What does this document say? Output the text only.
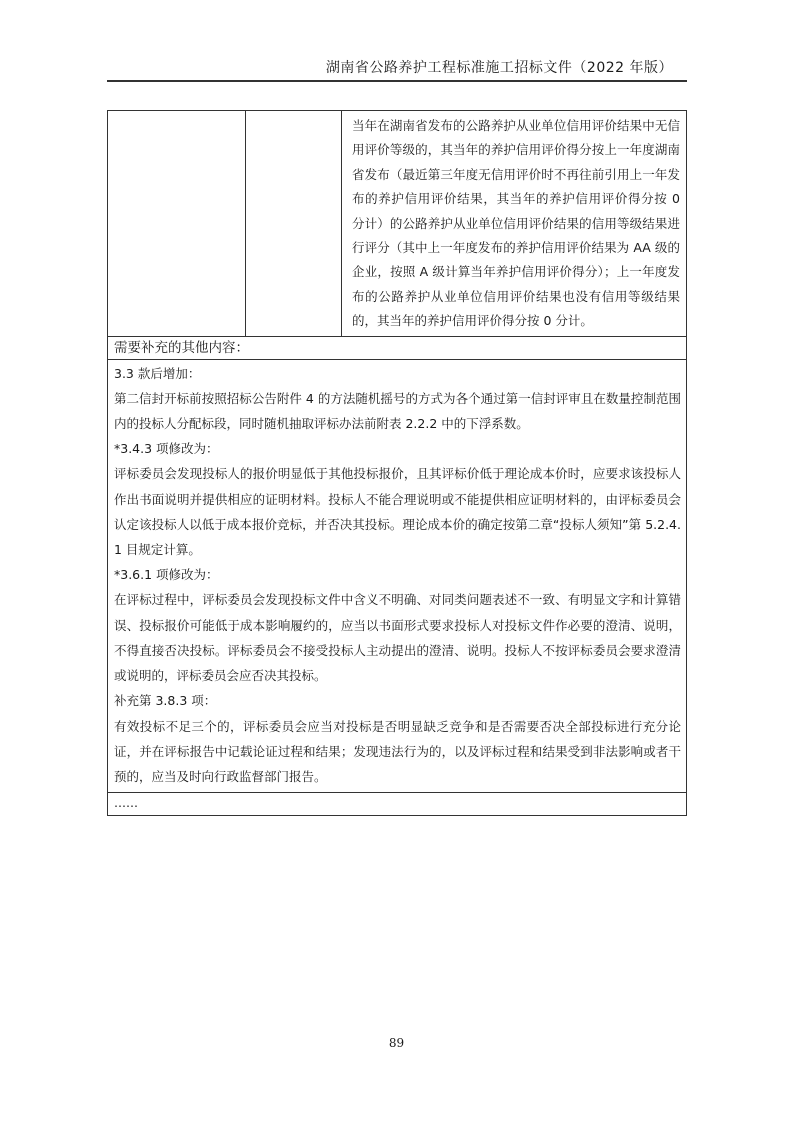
湖南省公路养护工程标准施工招标文件（2022 年版）

当年在湖南省发布的公路养护从业单位信用评价结果中无信用评价等级的，其当年的养护信用评价得分按上一年度湖南省发布（最近第三年度无信用评价时不再往前引用上一年发布的养护信用评价结果，其当年的养护信用评价得分按 0 分计）的公路养护从业单位信用评价结果的信用等级结果进行评分（其中上一年度发布的养护信用评价结果为 AA 级的企业，按照 A 级计算当年养护信用评价得分）；上一年度发布的公路养护从业单位信用评价结果也没有信用等级结果的，其当年的养护信用评价得分按 0 分计。

需要补充的其他内容：

3.3 款后增加：

第二信封开标前按照招标公告附件 4 的方法随机摇号的方式为各个通过第一信封评审且在数量控制范围内的投标人分配标段，同时随机抽取评标办法前附表 2.2.2 中的下浮系数。

*3.4.3 项修改为：

评标委员会发现投标人的报价明显低于其他投标报价，且其评标价低于理论成本价时，应要求该投标人作出书面说明并提供相应的证明材料。投标人不能合理说明或不能提供相应证明材料的，由评标委员会认定该投标人以低于成本报价竞标，并否决其投标。理论成本价的确定按第二章“投标人须知”第 5.2.4.1 目规定计算。

*3.6.1 项修改为：

在评标过程中，评标委员会发现投标文件中含义不明确、对同类问题表述不一致、有明显文字和计算错误、投标报价可能低于成本影响履约的，应当以书面形式要求投标人对投标文件作必要的澄清、说明，不得直接否决投标。评标委员会不接受投标人主动提出的澄清、说明。投标人不按评标委员会要求澄清或说明的，评标委员会应否决其投标。

补充第 3.8.3 项：

有效投标不足三个的，评标委员会应当对投标是否明显缺乏竞争和是否需要否决全部投标进行充分论证，并在评标报告中记载论证过程和结果；发现违法行为的，以及评标过程和结果受到非法影响或者干预的，应当及时向行政监督部门报告。

……
89
